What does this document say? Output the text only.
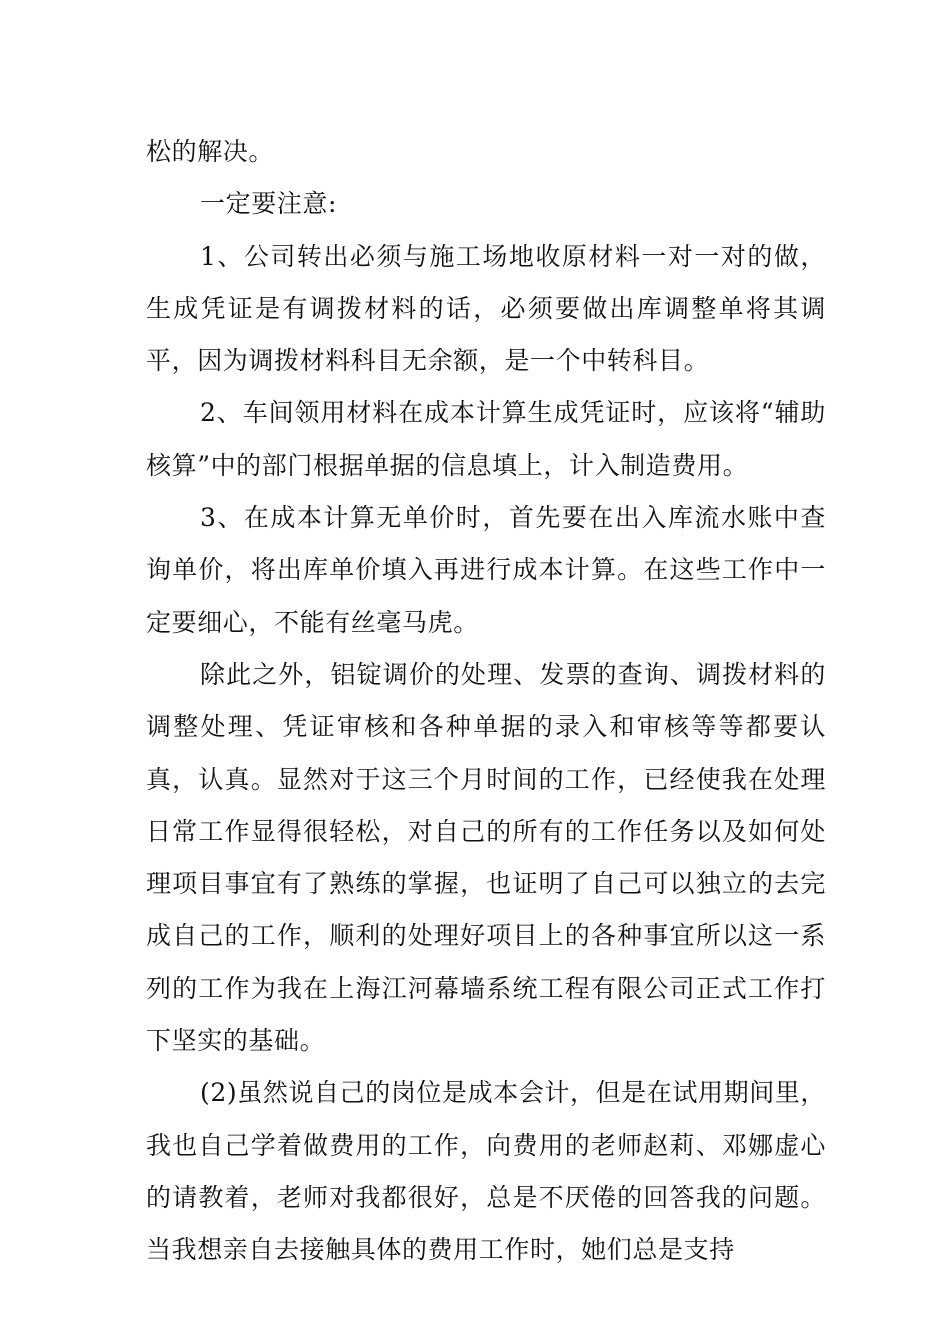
松的解决。

一定要注意:

1、公司转出必须与施工场地收原材料一对一对的做，生成凭证是有调拨材料的话，必须要做出库调整单将其调平，因为调拨材料科目无余额，是一个中转科目。

2、车间领用材料在成本计算生成凭证时，应该将“辅助核算”中的部门根据单据的信息填上，计入制造费用。

3、在成本计算无单价时，首先要在出入库流水账中查询单价，将出库单价填入再进行成本计算。在这些工作中一定要细心，不能有丝毫马虎。

除此之外，铝锭调价的处理、发票的查询、调拨材料的调整处理、凭证审核和各种单据的录入和审核等等都要认真，认真。显然对于这三个月时间的工作，已经使我在处理日常工作显得很轻松，对自己的所有的工作任务以及如何处理项目事宜有了熟练的掌握，也证明了自己可以独立的去完成自己的工作，顺利的处理好项目上的各种事宜所以这一系列的工作为我在上海江河幕墙系统工程有限公司正式工作打下坚实的基础。

(2)虽然说自己的岗位是成本会计，但是在试用期间里，我也自己学着做费用的工作，向费用的老师赵莉、邓娜虚心的请教着，老师对我都很好，总是不厌倦的回答我的问题。当我想亲自去接触具体的费用工作时，她们总是支持
